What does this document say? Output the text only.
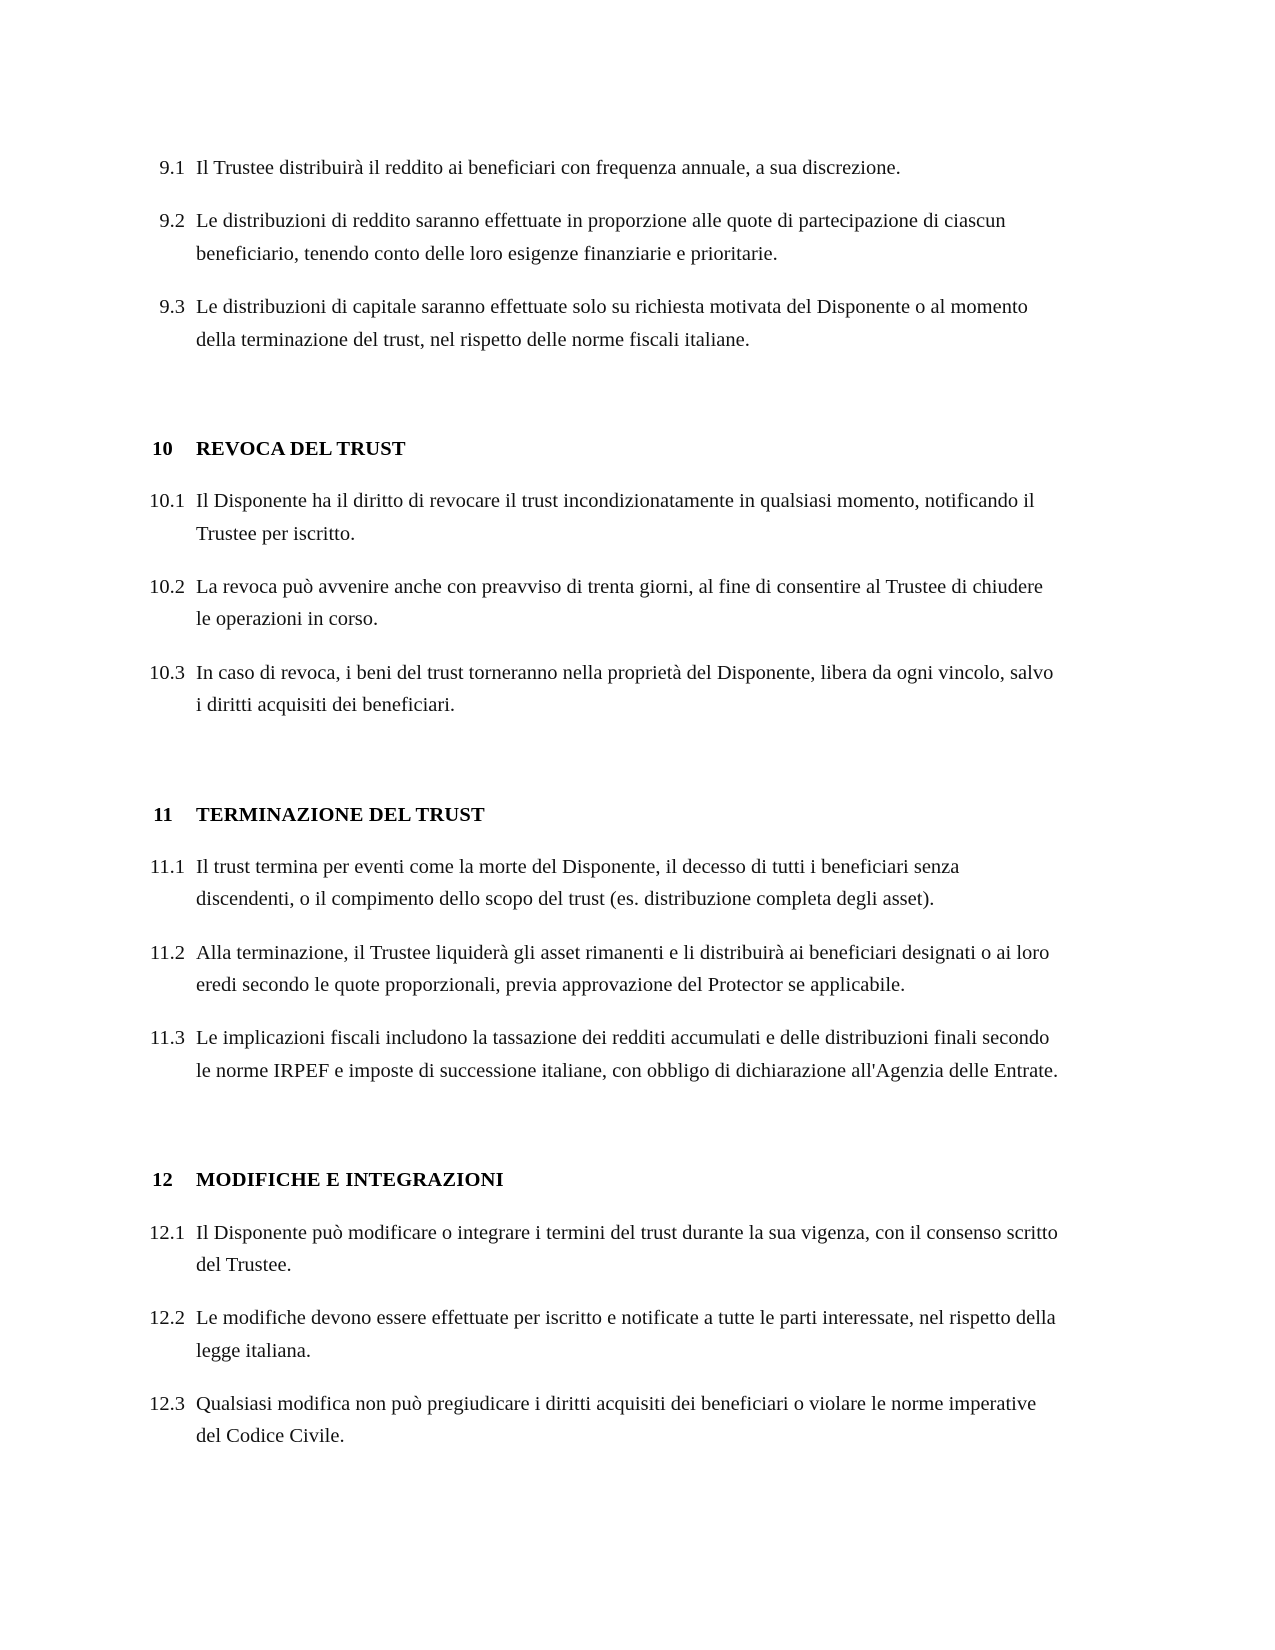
9.1 Il Trustee distribuirà il reddito ai beneficiari con frequenza annuale, a sua discrezione.

9.2 Le distribuzioni di reddito saranno effettuate in proporzione alle quote di partecipazione di ciascun beneficiario, tenendo conto delle loro esigenze finanziarie e prioritarie.

9.3 Le distribuzioni di capitale saranno effettuate solo su richiesta motivata del Disponente o al momento della terminazione del trust, nel rispetto delle norme fiscali italiane.

10 REVOCA DEL TRUST

10.1 Il Disponente ha il diritto di revocare il trust incondizionatamente in qualsiasi momento, notificando il Trustee per iscritto.

10.2 La revoca può avvenire anche con preavviso di trenta giorni, al fine di consentire al Trustee di chiudere le operazioni in corso.

10.3 In caso di revoca, i beni del trust torneranno nella proprietà del Disponente, libera da ogni vincolo, salvo i diritti acquisiti dei beneficiari.

11 TERMINAZIONE DEL TRUST

11.1 Il trust termina per eventi come la morte del Disponente, il decesso di tutti i beneficiari senza discendenti, o il compimento dello scopo del trust (es. distribuzione completa degli asset).

11.2 Alla terminazione, il Trustee liquiderà gli asset rimanenti e li distribuirà ai beneficiari designati o ai loro eredi secondo le quote proporzionali, previa approvazione del Protector se applicabile.

11.3 Le implicazioni fiscali includono la tassazione dei redditi accumulati e delle distribuzioni finali secondo le norme IRPEF e imposte di successione italiane, con obbligo di dichiarazione all'Agenzia delle Entrate.

12 MODIFICHE E INTEGRAZIONI

12.1 Il Disponente può modificare o integrare i termini del trust durante la sua vigenza, con il consenso scritto del Trustee.

12.2 Le modifiche devono essere effettuate per iscritto e notificate a tutte le parti interessate, nel rispetto della legge italiana.

12.3 Qualsiasi modifica non può pregiudicare i diritti acquisiti dei beneficiari o violare le norme imperative del Codice Civile.
